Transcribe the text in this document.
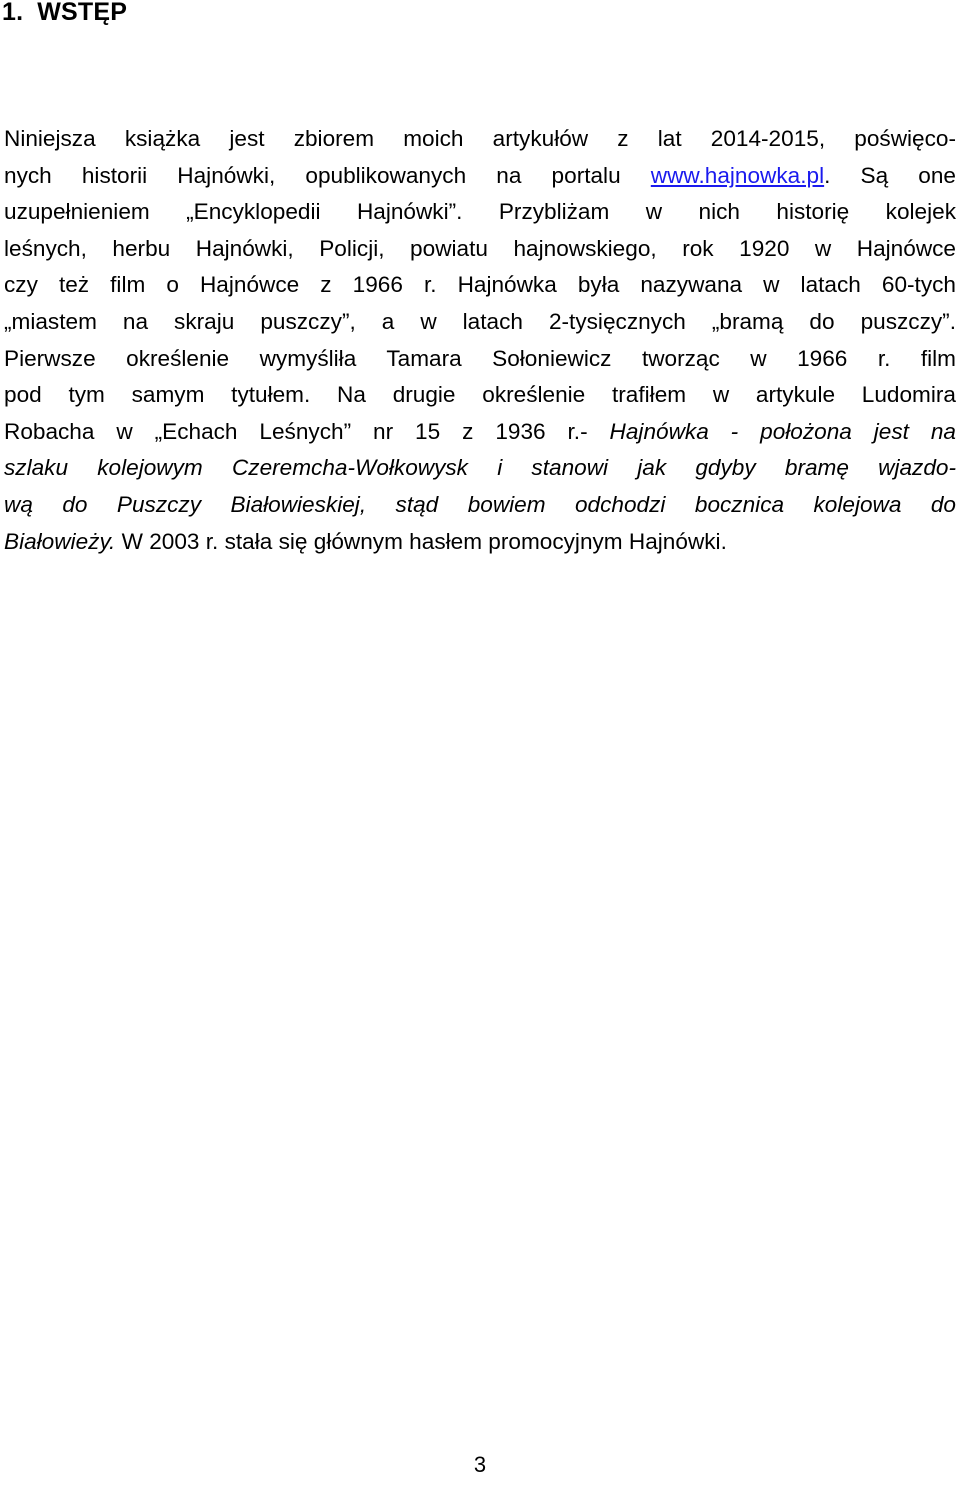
1. WSTĘP
Niniejsza książka jest zbiorem moich artykułów z lat 2014-2015, poświęco-
nych historii Hajnówki, opublikowanych na portalu www.hajnowka.pl. Są one
uzupełnieniem „Encyklopedii Hajnówki”. Przybliżam w nich historię kolejek
leśnych, herbu Hajnówki, Policji, powiatu hajnowskiego, rok 1920 w Hajnówce
czy też film o Hajnówce z 1966 r. Hajnówka była nazywana w latach 60-tych
„miastem na skraju puszczy”, a w latach 2-tysięcznych „bramą do puszczy”.
Pierwsze określenie wymyśliła Tamara Sołoniewicz tworząc w 1966 r. film
pod tym samym tytułem. Na drugie określenie trafiłem w artykule Ludomira
Robacha w „Echach Leśnych” nr 15 z 1936 r.- Hajnówka - położona jest na
szlaku kolejowym Czeremcha-Wołkowysk i stanowi jak gdyby bramę wjazdo-
wą do Puszczy Białowieskiej, stąd bowiem odchodzi bocznica kolejowa do
Białowieży. W 2003 r. stała się głównym hasłem promocyjnym Hajnówki.

3
